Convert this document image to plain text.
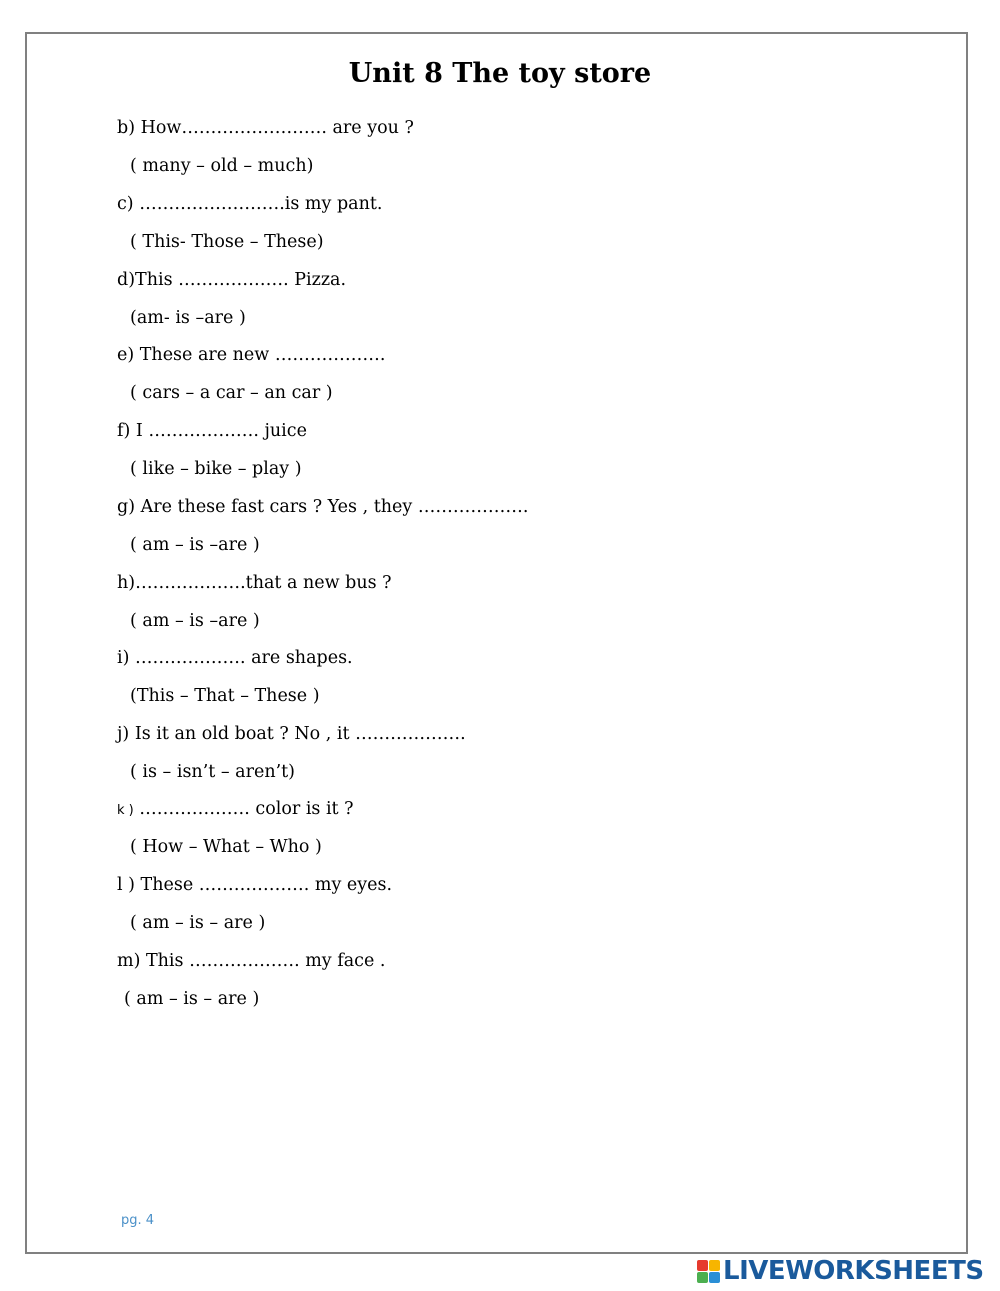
Unit 8 The toy store
b) How……………………. are you ?
( many – old – much)
c) …………………….is my pant.
( This- Those – These)
d)This ………………. Pizza.
(am- is –are )
e) These are new ……………….
( cars – a car – an car )
f) I ………………. juice
( like – bike – play )
g) Are these fast cars ? Yes , they ……………….
( am – is –are )
h)……………….that a new bus ?
( am – is –are )
i) ………………. are shapes.
(This – That – These )
j) Is it an old boat ? No , it ……………….
( is – isn’t – aren’t)
k ) ………………. color is it ?
( How – What – Who )
l ) These ………………. my eyes.
( am – is – are )
m) This ………………. my face .
( am – is – are )
pg. 4
LIVEWORKSHEETS
